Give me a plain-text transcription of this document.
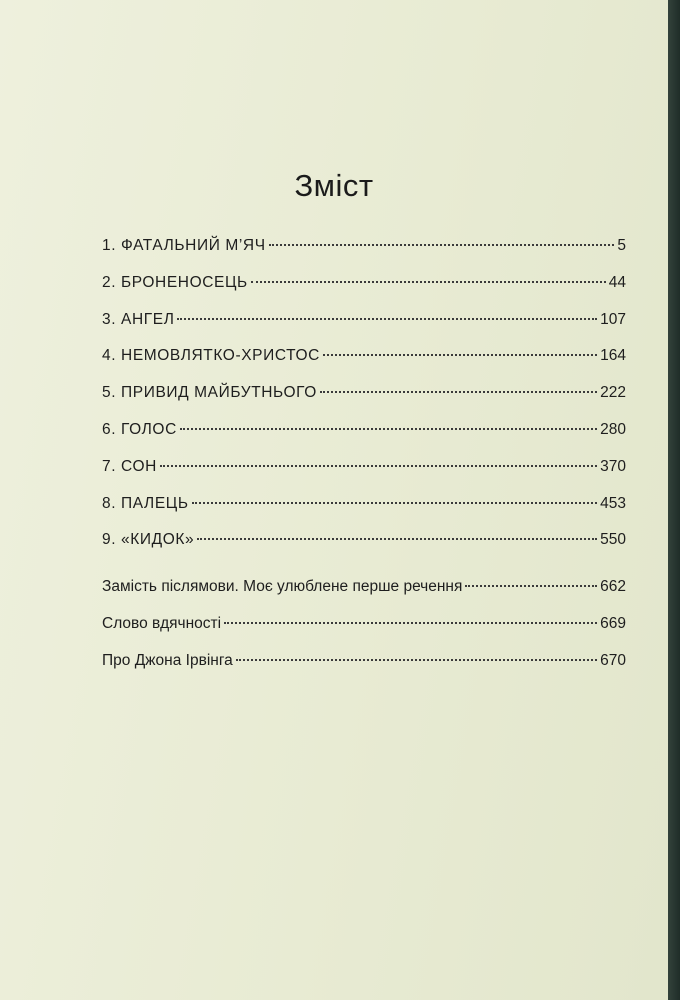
Зміст
1. ФАТАЛЬНИЙ М’ЯЧ	5
2. БРОНЕНОСЕЦЬ	44
3. АНГЕЛ	107
4. НЕМОВЛЯТКО-ХРИСТОС	164
5. ПРИВИД МАЙБУТНЬОГО	222
6. ГОЛОС	280
7. СОН	370
8. ПАЛЕЦЬ	453
9. «КИДОК»	550
Замість післямови. Моє улюблене перше речення	662
Слово вдячності	669
Про Джона Ірвінга	670
